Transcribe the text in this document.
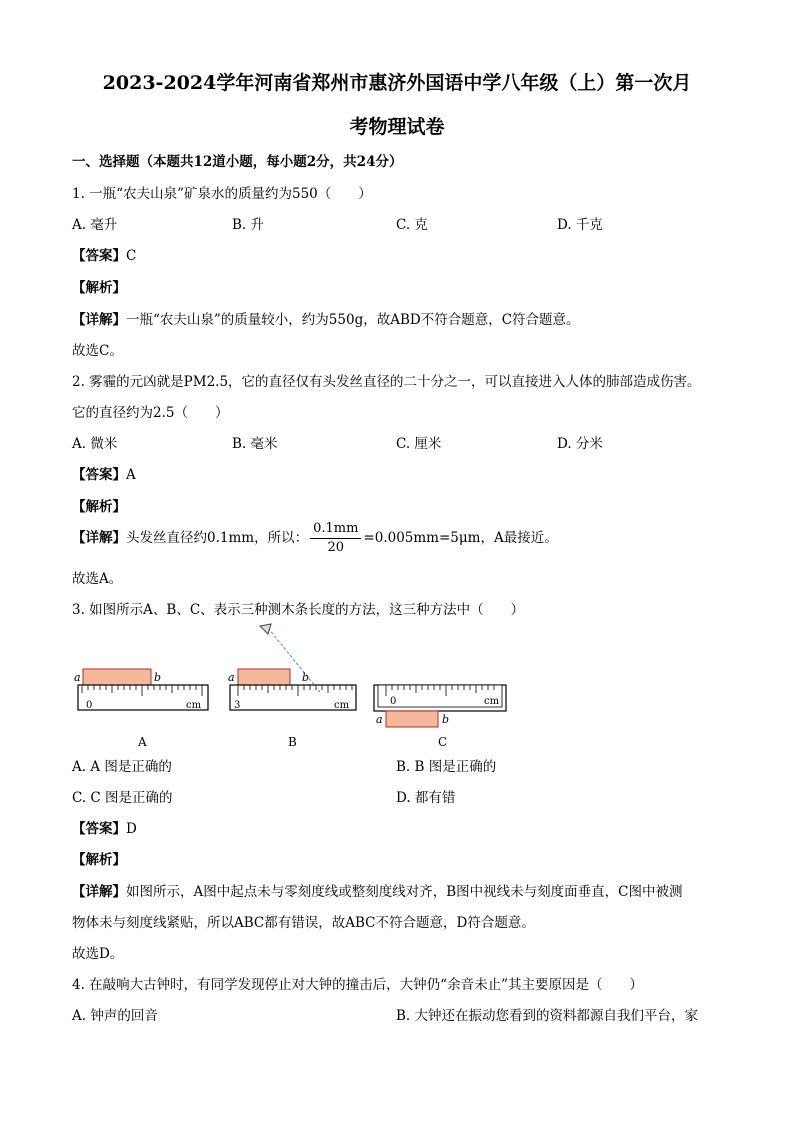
2023-2024学年河南省郑州市惠济外国语中学八年级（上）第一次月
考物理试卷
一、选择题（本题共12道小题，每小题2分，共24分）
1. 一瓶“农夫山泉”矿泉水的质量约为550（　　）
A. 毫升	B. 升	C. 克	D. 千克
【答案】C
【解析】
【详解】一瓶“农夫山泉”的质量较小，约为550g，故ABD不符合题意，C符合题意。
故选C。
2. 雾霾的元凶就是PM2.5，它的直径仅有头发丝直径的二十分之一，可以直接进入人体的肺部造成伤害。
它的直径约为2.5（　　）
A. 微米	B. 毫米	C. 厘米	D. 分米
【答案】A
【解析】
【详解】头发丝直径约0.1mm，所以： $\frac{0.1mm}{20} =0.005mm=5\mu m$，A最接近。
故选A。
3. 如图所示A、B、C、表示三种测木条长度的方法，这三种方法中（　　）
a	b
0	cm
A
a	b
3	cm
B
0	cm
a	b
C
A. A 图是正确的	B. B 图是正确的
C. C 图是正确的	D. 都有错
【答案】D
【解析】
【详解】如图所示，A图中起点未与零刻度线或整刻度线对齐，B图中视线未与刻度面垂直，C图中被测
物体未与刻度线紧贴，所以ABC都有错误，故ABC不符合题意，D符合题意。
故选D。
4. 在敲响大古钟时，有同学发现停止对大钟的撞击后，大钟仍“余音未止”其主要原因是（　　）
A. 钟声的回音	B. 大钟还在振动您看到的资料都源自我们平台，家
